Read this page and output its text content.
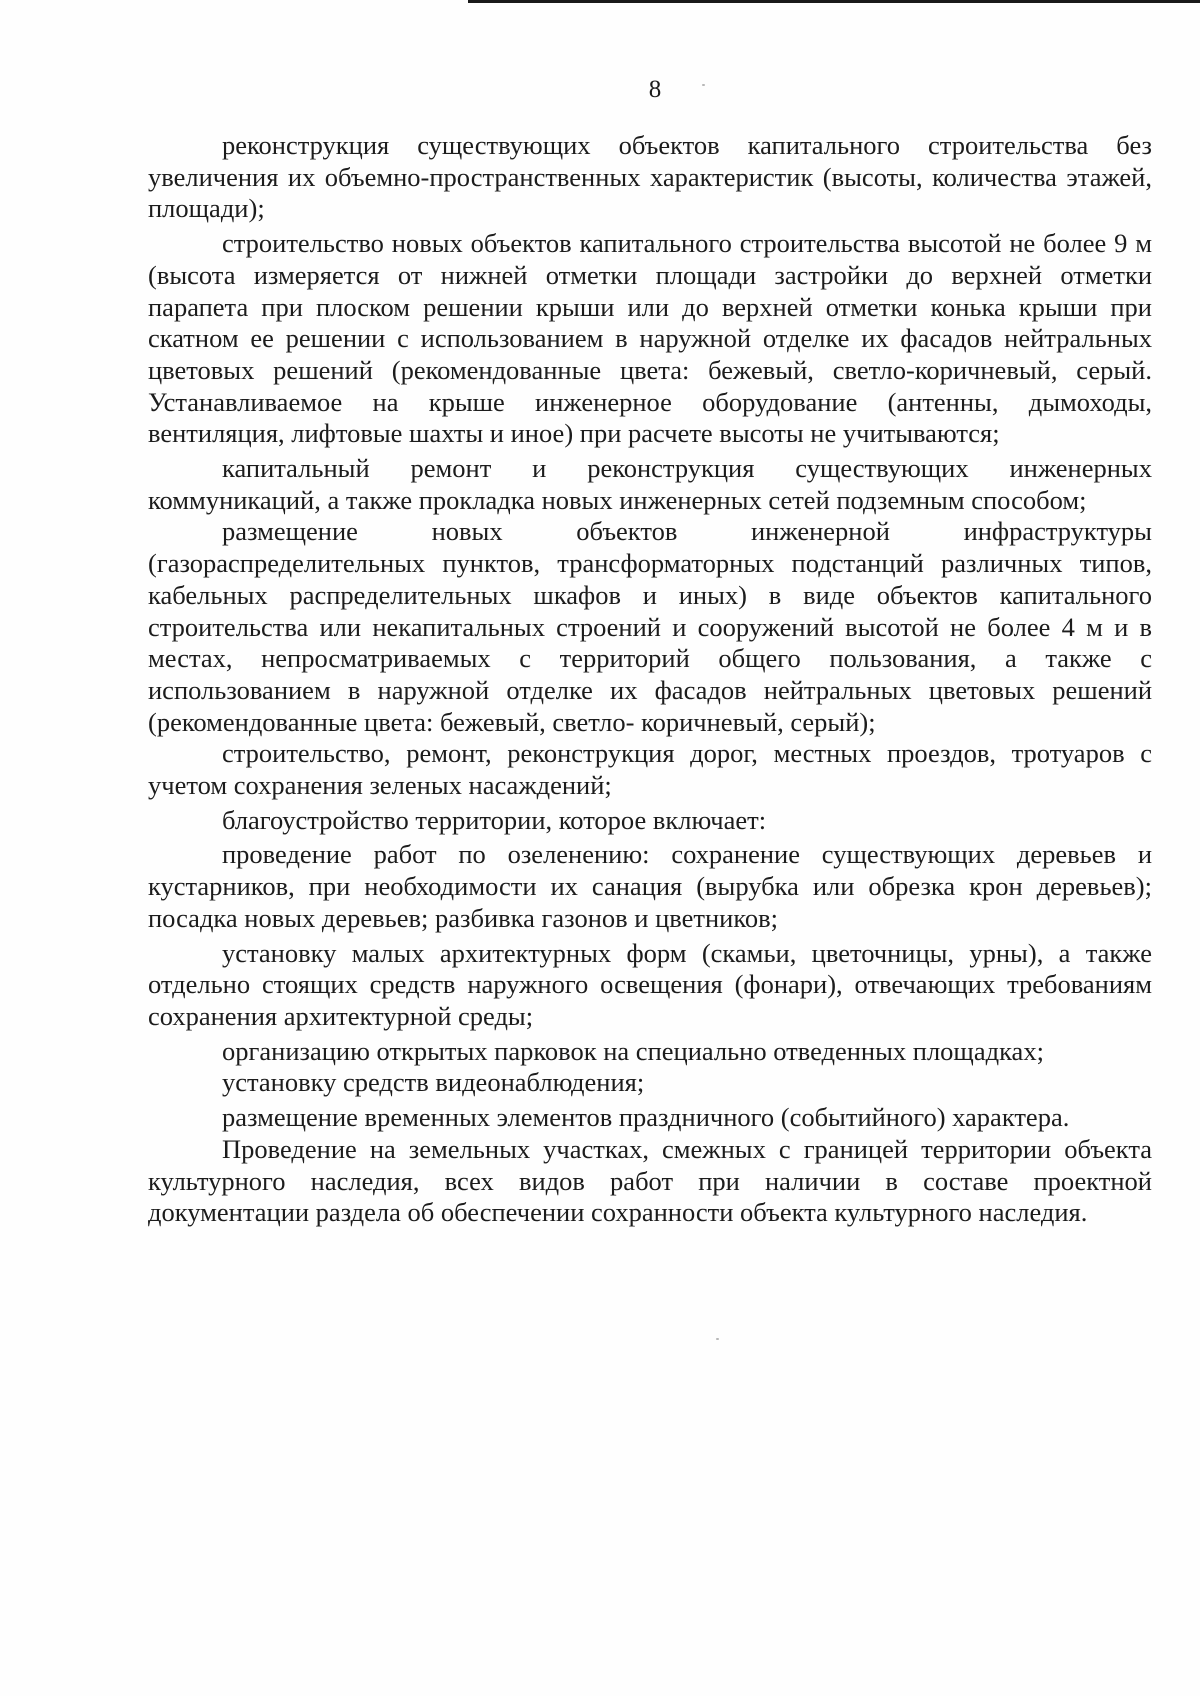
8

реконструкция существующих объектов капитального строительства без увеличения их объемно-пространственных характеристик (высоты, количества этажей, площади);

строительство новых объектов капитального строительства высотой не более 9 м (высота измеряется от нижней отметки площади застройки до верхней отметки парапета при плоском решении крыши или до верхней отметки конька крыши при скатном ее решении с использованием в наружной отделке их фасадов нейтральных цветовых решений (рекомендованные цвета: бежевый, светло-коричневый, серый. Устанавливаемое на крыше инженерное оборудование (антенны, дымоходы, вентиляция, лифтовые шахты и иное) при расчете высоты не учитываются;

капитальный ремонт и реконструкция существующих инженерных коммуникаций, а также прокладка новых инженерных сетей подземным способом;

размещение новых объектов инженерной инфраструктуры (газораспределительных пунктов, трансформаторных подстанций различных типов, кабельных распределительных шкафов и иных) в виде объектов капитального строительства или некапитальных строений и сооружений высотой не более 4 м и в местах, непросматриваемых с территорий общего пользования, а также с использованием в наружной отделке их фасадов нейтральных цветовых решений (рекомендованные цвета: бежевый, светло- коричневый, серый);

строительство, ремонт, реконструкция дорог, местных проездов, тротуаров с учетом сохранения зеленых насаждений;

благоустройство территории, которое включает:

проведение работ по озеленению: сохранение существующих деревьев и кустарников, при необходимости их санация (вырубка или обрезка крон деревьев); посадка новых деревьев; разбивка газонов и цветников;

установку малых архитектурных форм (скамьи, цветочницы, урны), а также отдельно стоящих средств наружного освещения (фонари), отвечающих требованиям сохранения архитектурной среды;

организацию открытых парковок на специально отведенных площадках;

установку средств видеонаблюдения;

размещение временных элементов праздничного (событийного) характера.

Проведение на земельных участках, смежных с границей территории объекта культурного наследия, всех видов работ при наличии в составе проектной документации раздела об обеспечении сохранности объекта культурного наследия.
